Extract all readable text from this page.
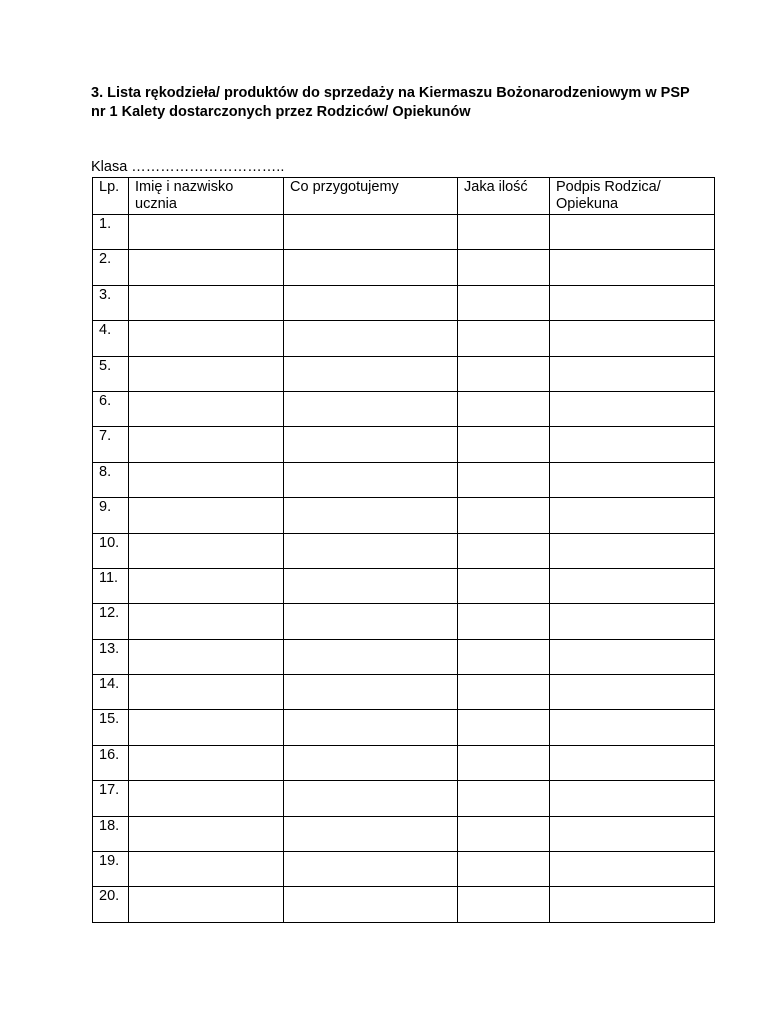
3. Lista rękodzieła/ produktów do sprzedaży na Kiermaszu Bożonarodzeniowym w PSP nr 1 Kalety dostarczonych przez Rodziców/ Opiekunów
Klasa …………………………..
Lp.	Imię i nazwisko ucznia	Co przygotujemy	Jaka ilość	Podpis Rodzica/ Opiekuna
1.				
2.				
3.				
4.				
5.				
6.				
7.				
8.				
9.				
10.				
11.				
12.				
13.				
14.				
15.				
16.				
17.				
18.				
19.				
20.				
